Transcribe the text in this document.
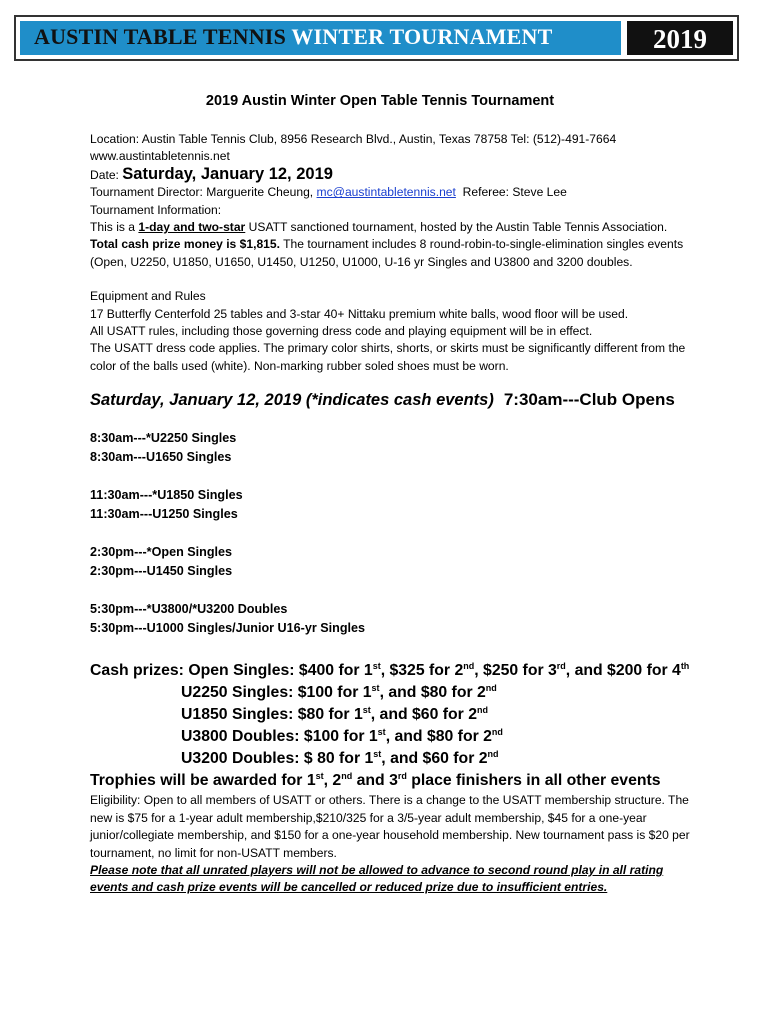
AUSTIN TABLE TENNIS WINTER TOURNAMENT	2019
2019 Austin Winter Open Table Tennis Tournament

Location: Austin Table Tennis Club, 8956 Research Blvd., Austin, Texas 78758 Tel: (512)-491-7664

www.austintabletennis.net

Date: Saturday, January 12, 2019

Tournament Director: Marguerite Cheung, mc@austintabletennis.net Referee: Steve Lee

Tournament Information:

This is a 1-day and two-star USATT sanctioned tournament, hosted by the Austin Table Tennis Association. Total cash prize money is $1,815. The tournament includes 8 round-robin-to-single-elimination singles events (Open, U2250, U1850, U1650, U1450, U1250, U1000, U-16 yr Singles and U3800 and 3200 doubles.

Equipment and Rules

17 Butterfly Centerfold 25 tables and 3-star 40+ Nittaku premium white balls, wood floor will be used.

All USATT rules, including those governing dress code and playing equipment will be in effect.

The USATT dress code applies. The primary color shirts, shorts, or skirts must be significantly different from the color of the balls used (white). Non-marking rubber soled shoes must be worn.

Saturday, January 12, 2019 (*indicates cash events) 7:30am---Club Opens

8:30am---*U2250 Singles

8:30am---U1650 Singles

11:30am---*U1850 Singles

11:30am---U1250 Singles

2:30pm---*Open Singles

2:30pm---U1450 Singles

5:30pm---*U3800/*U3200 Doubles

5:30pm---U1000 Singles/Junior U16-yr Singles

Cash prizes: Open Singles: $400 for 1st, $325 for 2nd, $250 for 3rd, and $200 for 4th

U2250 Singles: $100 for 1st, and $80 for 2nd

U1850 Singles: $80 for 1st, and $60 for 2nd

U3800 Doubles: $100 for 1st, and $80 for 2nd

U3200 Doubles: $ 80 for 1st, and $60 for 2nd

Trophies will be awarded for 1st, 2nd and 3rd place finishers in all other events

Eligibility: Open to all members of USATT or others. There is a change to the USATT membership structure. The new is $75 for a 1-year adult membership,$210/325 for a 3/5-year adult membership, $45 for a one-year junior/collegiate membership, and $150 for a one-year household membership. New tournament pass is $20 per tournament, no limit for non-USATT members.

Please note that all unrated players will not be allowed to advance to second round play in all rating events and cash prize events will be cancelled or reduced prize due to insufficient entries.
